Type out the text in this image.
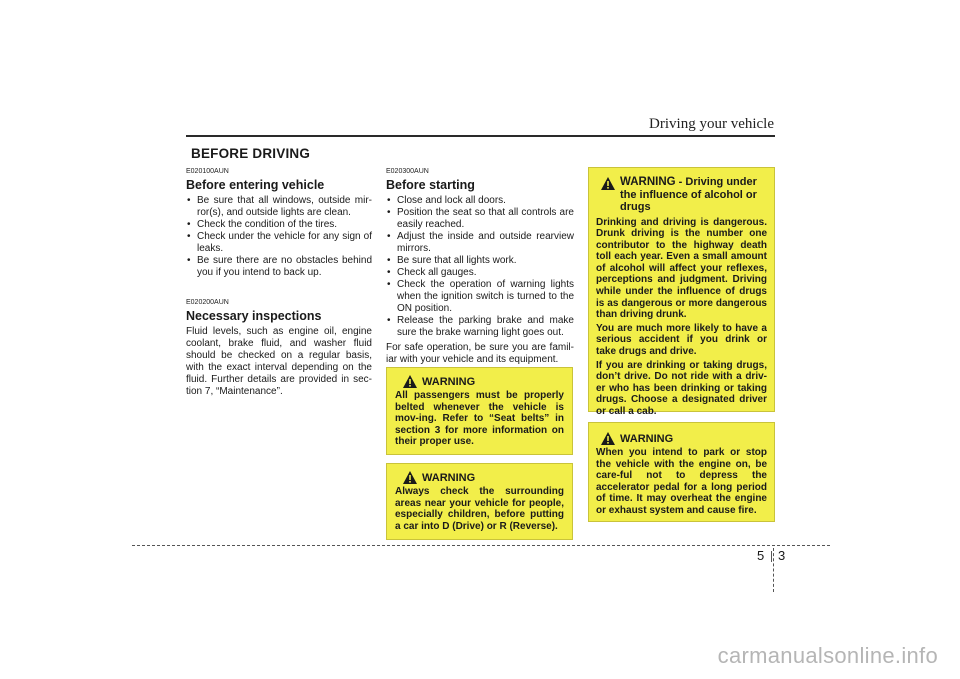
Driving your vehicle
BEFORE DRIVING
E020100AUN
Before entering vehicle
• Be sure that all windows, outside mir-ror(s), and outside lights are clean.
• Check the condition of the tires.
• Check under the vehicle for any sign of leaks.
• Be sure there are no obstacles behind you if you intend to back up.
E020200AUN
Necessary inspections

Fluid levels, such as engine oil, engine coolant, brake fluid, and washer fluid should be checked on a regular basis, with the exact interval depending on the fluid. Further details are provided in sec-tion 7, “Maintenance”.

E020300AUN
Before starting
• Close and lock all doors.
• Position the seat so that all controls are easily reached.
• Adjust the inside and outside rearview mirrors.
• Be sure that all lights work.
• Check all gauges.
• Check the operation of warning lights when the ignition switch is turned to the ON position.
• Release the parking brake and make sure the brake warning light goes out.

For safe operation, be sure you are famil-iar with your vehicle and its equipment.

WARNING
All passengers must be properly belted whenever the vehicle is mov-ing. Refer to “Seat belts” in section 3 for more information on their proper use.
WARNING
Always check the surrounding areas near your vehicle for people, especially children, before putting a car into D (Drive) or R (Reverse).
WARNING - Driving under the influence of alcohol or drugs
Drinking and driving is dangerous. Drunk driving is the number one contributor to the highway death toll each year. Even a small amount of alcohol will affect your reflexes, perceptions and judgment. Driving while under the influence of drugs is as dangerous or more dangerous than driving drunk.
You are much more likely to have a serious accident if you drink or take drugs and drive.
If you are drinking or taking drugs, don’t drive. Do not ride with a driv-er who has been drinking or taking drugs. Choose a designated driver or call a cab.
WARNING
When you intend to park or stop the vehicle with the engine on, be care-ful not to depress the accelerator pedal for a long period of time. It may overheat the engine or exhaust system and cause fire.
5 3
carmanualsonline.info
